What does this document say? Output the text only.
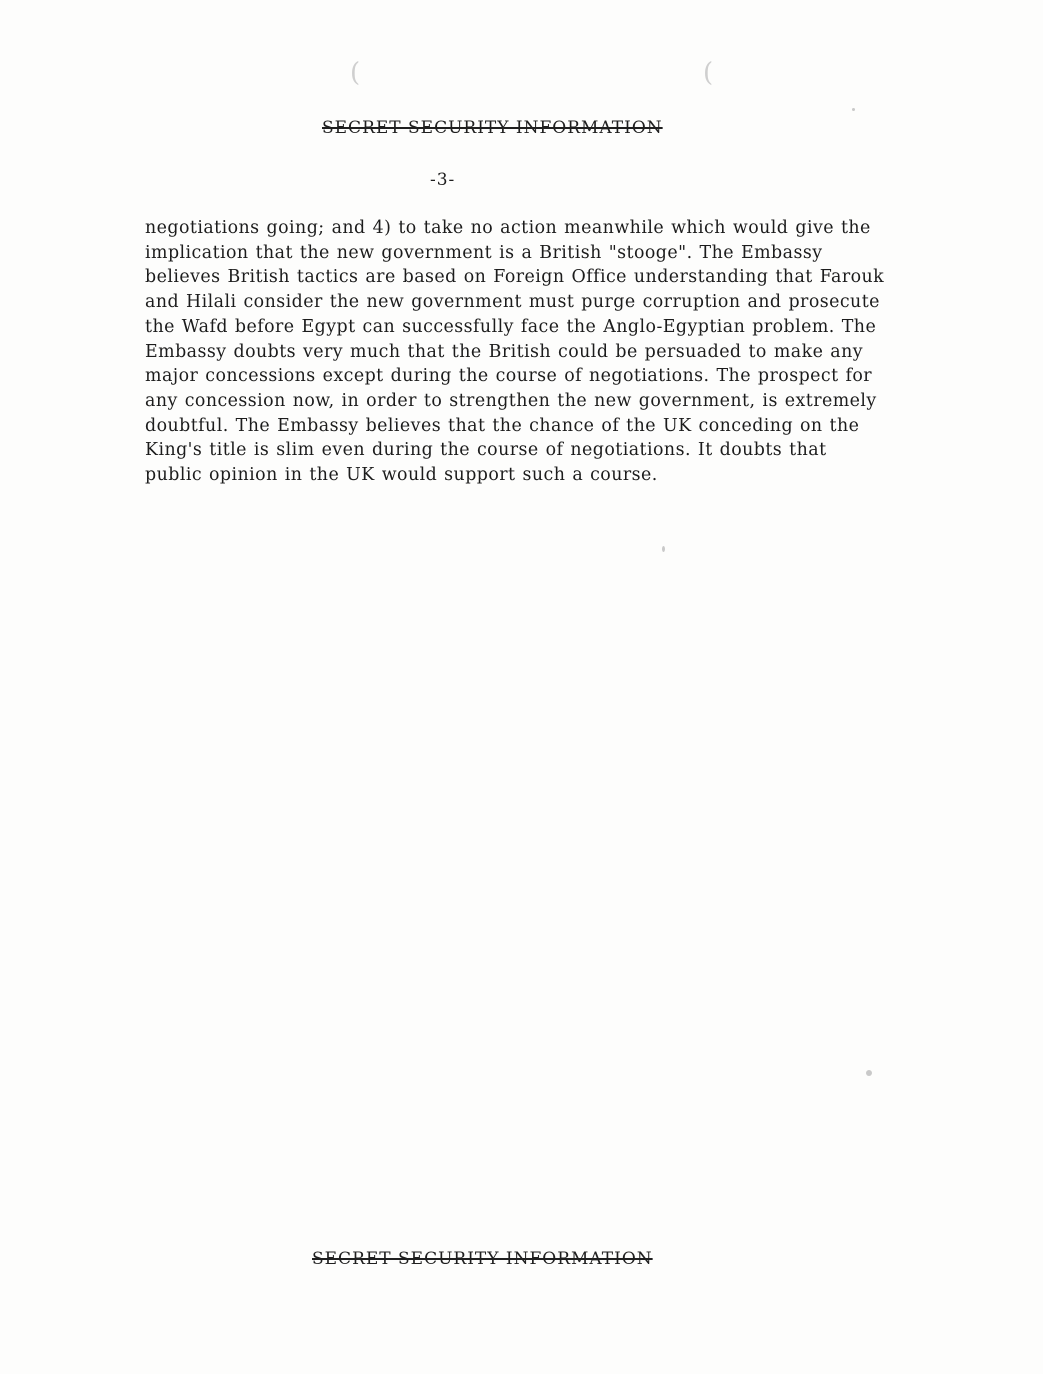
(	(
SECRET SECURITY INFORMATION
-3-
negotiations going; and 4) to take no action meanwhile which would give the
implication that the new government is a British "stooge". The Embassy
believes British tactics are based on Foreign Office understanding that Farouk
and Hilali consider the new government must purge corruption and prosecute
the Wafd before Egypt can successfully face the Anglo-Egyptian problem. The
Embassy doubts very much that the British could be persuaded to make any
major concessions except during the course of negotiations. The prospect for
any concession now, in order to strengthen the new government, is extremely
doubtful. The Embassy believes that the chance of the UK conceding on the
King's title is slim even during the course of negotiations. It doubts that
public opinion in the UK would support such a course.
SECRET SECURITY INFORMATION
